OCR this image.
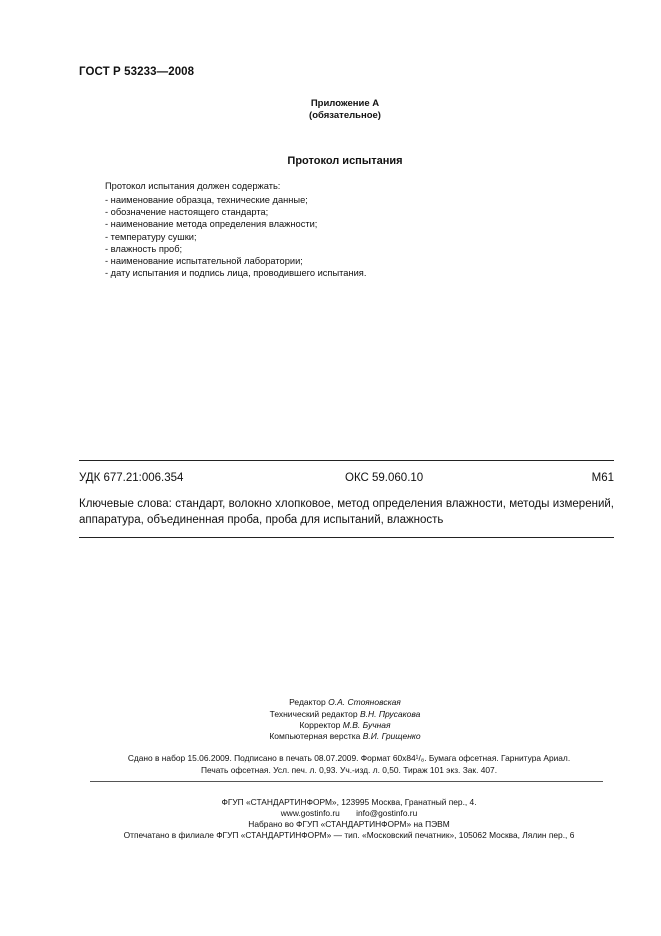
ГОСТ Р 53233—2008
Приложение А
(обязательное)
Протокол испытания
Протокол испытания должен содержать:
- наименование образца, технические данные;
- обозначение настоящего стандарта;
- наименование метода определения влажности;
- температуру сушки;
- влажность проб;
- наименование испытательной лаборатории;
- дату испытания и подпись лица, проводившего испытания.
УДК 677.21:006.354	ОКС 59.060.10	М61
Ключевые слова: стандарт, волокно хлопковое, метод определения влажности, методы измерений, аппаратура, объединенная проба, проба для испытаний, влажность
Редактор О.А. Стояновская
Технический редактор В.Н. Прусакова
Корректор М.В. Бучная
Компьютерная верстка В.И. Грищенко
Сдано в набор 15.06.2009. Подписано в печать 08.07.2009. Формат 60х84¹/₈. Бумага офсетная. Гарнитура Ариал.
Печать офсетная. Усл. печ. л. 0,93. Уч.-изд. л. 0,50. Тираж 101 экз. Зак. 407.
ФГУП «СТАНДАРТИНФОРМ», 123995 Москва, Гранатный пер., 4.
www.gostinfo.ru info@gostinfo.ru
Набрано во ФГУП «СТАНДАРТИНФОРМ» на ПЭВМ
Отпечатано в филиале ФГУП «СТАНДАРТИНФОРМ» — тип. «Московский печатник», 105062 Москва, Лялин пер., 6
